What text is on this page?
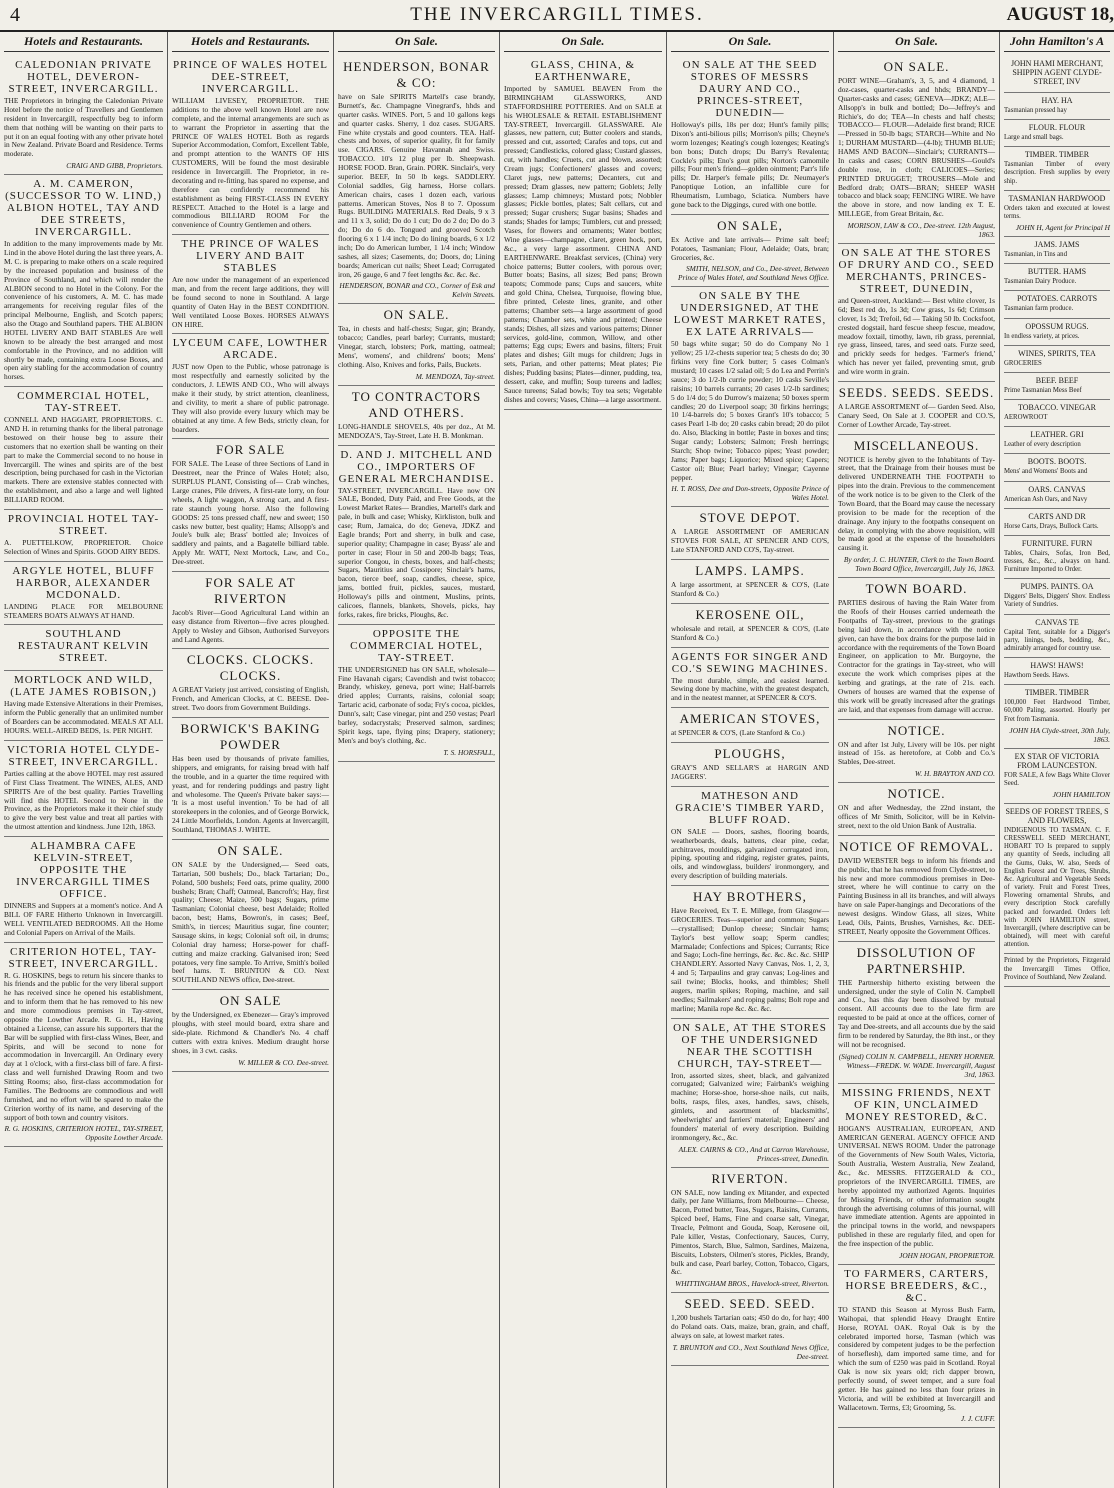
4	THE INVERCARGILL TIMES.	AUGUST 18,
Hotels and Restaurants.
CALEDONIAN PRIVATE HOTEL, DEVERON-STREET, INVERCARGILL.
THE Proprietors in bringing the Caledonian Private Hotel before the notice of Travellers and Gentlemen resident in Invercargill, respectfully beg to inform them that nothing will be wanting on their parts to put it on an equal footing with any other private hotel in New Zealand. Private Board and Residence. Terms moderate.
CRAIG AND GIBB, Proprietors.
A. M. CAMERON, (SUCCESSOR TO W. LIND,) ALBION HOTEL, TAY AND DEE STREETS, INVERCARGILL.
In addition to the many improvements made by Mr. Lind in the above Hotel during the last three years, A. M. C. is preparing to make others on a scale required by the increased population and business of the Province of Southland, and which will render the ALBION second to no Hotel in the Colony. For the convenience of his customers, A. M. C. has made arrangements for receiving regular files of the principal Melbourne, English, and Scotch papers; also the Otago and Southland papers. THE ALBION HOTEL LIVERY AND BAIT STABLES Are well known to be already the best arranged and most comfortable in the Province, and no addition will shortly be made, containing extra Loose Boxes, and open airy stabling for the accommodation of country horses.
COMMERCIAL HOTEL, TAY-STREET.
CONNELL AND HAGGART, PROPRIETORS. C. AND H. in returning thanks for the liberal patronage bestowed on their house beg to assure their customers that no exertion shall be wanting on their part to make the Commercial second to no house in Invercargill. The wines and spirits are of the best description, being purchased for cash in the Victorian markets. There are extensive stables connected with the establishment, and also a large and well lighted BILLIARD ROOM.
PROVINCIAL HOTEL TAY-STREET.
A. PUETTELKOW, PROPRIETOR. Choice Selection of Wines and Spirits. GOOD AIRY BEDS.
ARGYLE HOTEL, BLUFF HARBOR, ALEXANDER MCDONALD.
LANDING PLACE FOR MELBOURNE STEAMERS BOATS ALWAYS AT HAND.
SOUTHLAND RESTAURANT KELVIN STREET.
MORTLOCK AND WILD, (LATE JAMES ROBISON,)
Having made Extensive Alterations in their Premises, inform the Public generally that an unlimited number of Boarders can be accommodated. MEALS AT ALL HOURS. WELL-AIRED BEDS, 1s. PER NIGHT.
VICTORIA HOTEL CLYDE-STREET, INVERCARGILL.
Parties calling at the above HOTEL may rest assured of First Class Treatment. The WINES, ALES, AND SPIRITS Are of the best quality. Parties Travelling will find this HOTEL Second to None in the Province, as the Proprietors make it their chief study to give the very best value and treat all parties with the utmost attention and kindness. June 12th, 1863.
ALHAMBRA CAFE KELVIN-STREET, OPPOSITE THE INVERCARGILL TIMES OFFICE.
DINNERS and Suppers at a moment's notice. And A BILL OF FARE Hitherto Unknown in Invercargill. WELL VENTILATED BEDROOMS. All the Home and Colonial Papers on Arrival of the Mails.
CRITERION HOTEL, TAY-STREET, INVERCARGILL.
R. G. HOSKINS, begs to return his sincere thanks to his friends and the public for the very liberal support he has received since he opened his establishment, and to inform them that he has removed to his new and more commodious premises in Tay-street, opposite the Lowther Arcade. R. G. H., Having obtained a License, can assure his supporters that the Bar will be supplied with first-class Wines, Beer, and Spirits, and will be second to none for accommodation in Invercargill. An Ordinary every day at 1 o'clock, with a first-class bill of fare. A first-class and well furnished Drawing Room and two Sitting Rooms; also, first-class accommodation for Families. The Bedrooms are commodious and well furnished, and no effort will be spared to make the Criterion worthy of its name, and deserving of the support of both town and country visitors.
R. G. HOSKINS, CRITERION HOTEL, TAY-STREET, Opposite Lowther Arcade.
Hotels and Restaurants.
PRINCE OF WALES HOTEL DEE-STREET, INVERCARGILL.
WILLIAM LIVESEY, PROPRIETOR. THE additions to the above well known Hotel are now complete, and the internal arrangements are such as to warrant the Proprietor in asserting that the PRINCE OF WALES HOTEL Both as regards Superior Accommodation, Comfort, Excellent Table, and prompt attention to the WANTS OF HIS CUSTOMERS, Will be found the most desirable residence in Invercargill. The Proprietor, in re-decorating and re-fitting, has spared no expense, and therefore can confidently recommend his establishment as being FIRST-CLASS IN EVERY RESPECT. Attached to the Hotel is a large and commodious BILLIARD ROOM For the convenience of Country Gentlemen and others.
THE PRINCE OF WALES LIVERY AND BAIT STABLES
Are now under the management of an experienced man, and from the recent large additions, they will be found second to none in Southland. A large quantity of Oaten Hay in the BEST CONDITION. Well ventilated Loose Boxes. HORSES ALWAYS ON HIRE.
LYCEUM CAFE, LOWTHER ARCADE.
JUST now Open to the Public, whose patronage is most respectfully and earnestly solicited by the conductors, J. LEWIS AND CO., Who will always make it their study, by strict attention, cleanliness, and civility, to merit a share of public patronage. They will also provide every luxury which may be obtained at any time. A few Beds, strictly clean, for boarders.
FOR SALE
FOR SALE. The Lease of three Sections of Land in Deestreet, near the Prince of Wales Hotel; also, SURPLUS PLANT, Consisting of— Crab winches, Large cranes, Pile drivers, A first-rate lorry, on four wheels, A light waggon, A strong cart, and A first-rate staunch young horse. Also the following GOODS: 25 tons pressed chaff, new and sweet; 150 casks new butter, best quality; Hams; Allsopp's and Joule's bulk ale; Brass' bottled ale; Invoices of saddlery and paints, and a Bagatelle billiard table. Apply Mr. WATT, Next Mortock, Law, and Co., Dee-street.
FOR SALE AT RIVERTON
Jacob's River—Good Agricultural Land within an easy distance from Riverton—five acres ploughed. Apply to Wesley and Gibson, Authorised Surveyors and Land Agents.
CLOCKS. CLOCKS. CLOCKS.
A GREAT Variety just arrived, consisting of English, French, and American Clocks, at C. BEESE. Dee-street. Two doors from Government Buildings.
BORWICK'S BAKING POWDER
Has been used by thousands of private families, shippers, and emigrants, for raising bread with half the trouble, and in a quarter the time required with yeast, and for rendering puddings and pastry light and wholesome. The Queen's Private baker says:— 'It is a most useful invention.' To be had of all storekeepers in the colonies, and of George Borwick, 24 Little Moorfields, London. Agents at Invercargill, Southland, THOMAS J. WHITE.
ON SALE.
ON SALE by the Undersigned,— Seed oats, Tartarian, 500 bushels; Do., black Tartarian; Do., Poland, 500 bushels; Feed oats, prime quality, 2000 bushels; Bran; Chaff; Oatmeal, Bancroft's; Hay, first quality; Cheese; Maize, 500 bags; Sugars, prime Tasmanian; Colonial cheese, best Adelaide; Rolled bacon, best; Hams, Bowron's, in cases; Beef, Smith's, in tierces; Mauritius sugar, fine counter; Sausage skins, in kegs; Colonial soft oil, in drums; Colonial dray harness; Horse-power for chaff-cutting and maize cracking. Galvanised iron; Seed potatoes, very fine sample. To Arrive, Smith's boiled beef hams. T. BRUNTON & CO. Next SOUTHLAND NEWS office, Dee-street.
ON SALE
by the Undersigned, ex Ebenezer— Gray's improved ploughs, with steel mould board, extra share and side-plate. Richmond & Chandler's No. 4 chaff cutters with extra knives. Medium draught horse shoes, in 3 cwt. casks.
W. MILLER & CO. Dee-street.
On Sale.
HENDERSON, BONAR & CO:
have on Sale SPIRITS Martell's case brandy, Burnett's, &c. Champagne Vinegrard's, hhds and quarter casks. WINES. Port, 5 and 10 gallons kegs and quarter casks. Sherry, 1 doz cases. SUGARS. Fine white crystals and good counters. TEA. Half-chests and boxes, of superior quality, fit for family use. CIGARS. Genuine Havannah and Swiss. TOBACCO. 10's 12 plug per lb. Sheepwash. HORSE FOOD. Bran, Grain. PORK. Sinclair's, very superior. BEEF, In 50 lb kegs. SADDLERY. Colonial saddles, Gig harness, Horse collars. American chairs, cases 1 dozen each, various patterns. American Stoves, Nos 8 to 7. Opossum Rugs. BUILDING MATERIALS. Red Deals, 9 x 3 and 11 x 3, solid; Do do 1 cut; Do do 2 do; Do do 3 do; Do do 6 do. Tongued and grooved Scotch flooring 6 x 1 1/4 inch; Do do lining boards, 6 x 1/2 inch; Do do American lumber, 1 1/4 inch; Window sashes, all sizes; Casements, do; Doors, do; Lining boards; American cut nails; Sheet Lead; Corrugated iron, 26 gauge, 6 and 7 feet lengths &c. &c. &c.
HENDERSON, BONAR and CO., Corner of Esk and Kelvin Streets.
ON SALE.
Tea, in chests and half-chests; Sugar, gin; Brandy, tobacco; Candles, pearl barley; Currants, mustard; Vinegar, starch, lobsters; Pork, matting, oatmeal; Mens', womens', and childrens' boots; Mens' clothing. Also, Knives and forks, Pails, Buckets.
M. MENDOZA, Tay-street.
TO CONTRACTORS AND OTHERS.
LONG-HANDLE SHOVELS, 40s per doz., At M. MENDOZA'S, Tay-Street, Late H. B. Monkman.
D. AND J. MITCHELL AND CO., IMPORTERS OF GENERAL MERCHANDISE.
TAY-STREET, INVERCARGILL. Have now ON SALE, Bonded, Duty Paid, and Free Goods, at the Lowest Market Rates— Brandies, Martell's dark and pale, in bulk and case; Whisky, Kirkliston, bulk and case; Rum, Jamaica, do do; Geneva, JDKZ and Eagle brands; Port and sherry, in bulk and case, superior quality; Champagne in case; Byass' ale and porter in case; Flour in 50 and 200-lb bags; Teas, superior Congou, in chests, boxes, and half-chests; Sugars, Mauritius and Cossipore; Sinclair's hams, bacon, tierce beef, soap, candles, cheese, spice, jams, bottled fruit, pickles, sauces, mustard, Holloway's pills and ointment, Muslins, prints, calicoes, flannels, blankets, Shovels, picks, hay forks, rakes, fire bricks, Ploughs, &c.
OPPOSITE THE COMMERCIAL HOTEL, TAY-STREET.
THE UNDERSIGNED has ON SALE, wholesale— Fine Havanah cigars; Cavendish and twist tobacco; Brandy, whiskey, geneva, port wine; Half-barrels dried apples; Currants, raisins, colonial soap; Tartaric acid, carbonate of soda; Fry's cocoa, pickles, Dunn's, salt; Case vinegar, pint and 250 vestas; Pearl barley, sodacrystals; Preserved salmon, sardines; Spirit kegs, tape, flying pins; Drapery, stationery; Men's and boy's clothing, &c.
T. S. HORSFALL,
On Sale.
GLASS, CHINA, & EARTHENWARE,
Imported by SAMUEL BEAVEN From the BIRMINGHAM GLASSWORKS, AND STAFFORDSHIRE POTTERIES. And on SALE at his WHOLESALE & RETAIL ESTABLISHMENT TAY-STREET, Invercargill. GLASSWARE. Ale glasses, new pattern, cut; Butter coolers and stands, pressed and cut, assorted; Carafes and tops, cut and pressed; Candlesticks, colored glass; Custard glasses, cut, with handles; Cruets, cut and blown, assorted; Cream jugs; Confectioners' glasses and covers; Claret jugs, new patterns; Decanters, cut and pressed; Dram glasses, new pattern; Goblets; Jelly glasses; Lamp chimneys; Mustard pots; Nobbler glasses; Pickle bottles, plates; Salt cellars, cut and pressed; Sugar crushers; Sugar basins; Shades and stands; Shades for lamps; Tumblers, cut and pressed; Vases, for flowers and ornaments; Water bottles; Wine glasses—champagne, claret, green hock, port, &c., a very large assortment. CHINA AND EARTHENWARE. Breakfast services, (China) very choice patterns; Butter coolers, with porous over; Butter boats; Basins, all sizes; Bed pans; Brown teapots; Commode pans; Cups and saucers, white and gold China, Chelsea, Turquoise, flowing blue, fibre printed, Celeste lines, granite, and other patterns; Chamber sets—a large assortment of good patterns; Chamber sets, white and printed; Cheese stands; Dishes, all sizes and various patterns; Dinner services, gold-line, common, Willow, and other patterns; Egg cups; Ewers and basins, filters; Fruit plates and dishes; Gilt mugs for children; Jugs in sets, Parian, and other patterns; Meat plates; Pie dishes; Pudding basins; Plates—dinner, pudding, tea, dessert, cake, and muffin; Soup tureens and ladles; Sauce tureens; Salad bowls; Toy tea sets; Vegetable dishes and covers; Vases, China—a large assortment.
On Sale.
ON SALE AT THE SEED STORES OF MESSRS DAURY AND CO., PRINCES-STREET, DUNEDIN—
Holloway's pills, 18s per doz; Hunt's family pills; Dixon's anti-bilious pills; Morrison's pills; Cheyne's worm lozenges; Keating's cough lozenges; Keating's bon bons; Dutch drops; Du Barry's Revalenta; Cockle's pills; Eno's gout pills; Norton's camomile pills; Four men's friend—golden ointment; Parr's life pills; Dr. Harper's female pills; Dr. Neumayer's Panoptique Lotion, an infallible cure for Rheumatism, Lumbago, Sciatica. Numbers have gone back to the Diggings, cured with one bottle.
ON SALE,
Ex Active and late arrivals— Prime salt beef; Potatoes, Tasmanian; Flour, Adelaide; Oats, bran; Groceries, &c.
SMITH, NELSON, and Co., Dee-street, Between Prince of Wales Hotel, and Southland News Office.
ON SALE BY THE UNDERSIGNED, AT THE LOWEST MARKET RATES, EX LATE ARRIVALS—
50 bags white sugar; 50 do do Company No 1 yellow; 25 1/2-chests superior tea; 5 chests do do; 30 firkins very fine Cork butter; 5 cases Colman's mustard; 10 cases 1/2 salad oil; 5 do Lea and Perrin's sauce; 3 do 1/2-lb currie powder; 10 casks Seville's raisins; 10 barrels currants; 20 cases 1/2-lb sardines; 5 do 1/4 do; 5 do Durrow's maizena; 50 boxes sperm candles; 20 do Liverpool soap; 30 firkins herrings; 10 1/4-barrels do; 5 boxes Grant's 10's tobacco; 5 cases Pearl 1-lb do; 20 casks cabin bread; 20 do pilot do. Also, Blacking in bottle; Paste in boxes and tins; Sugar candy; Lobsters; Salmon; Fresh herrings; Starch; Shop twine; Tobacco pipes; Yeast powder; Jams; Paper bags; Liquorice; Mixed spice; Capers; Castor oil; Blue; Pearl barley; Vinegar; Cayenne pepper.
H. T. ROSS, Dee and Don-streets, Opposite Prince of Wales Hotel.
STOVE DEPOT.
A LARGE ASSORTMENT OF AMERICAN STOVES FOR SALE, AT SPENCER AND CO'S, Late STANFORD AND CO'S, Tay-street.
LAMPS. LAMPS.
A large assortment, at SPENCER & CO'S, (Late Stanford & Co.)
KEROSENE OIL,
wholesale and retail, at SPENCER & CO'S, (Late Stanford & Co.)
AGENTS FOR SINGER AND CO.'S SEWING MACHINES.
The most durable, simple, and easiest learned. Sewing done by machine, with the greatest despatch, and in the neatest manner, at SPENCER & CO'S.
AMERICAN STOVES,
at SPENCER & CO'S, (Late Stanford & Co.)
PLOUGHS,
GRAY'S AND SELLAR'S at HARGIN AND JAGGERS'.
MATHESON AND GRACIE'S TIMBER YARD, BLUFF ROAD.
ON SALE — Doors, sashes, flooring boards, weatherboards, deals, battens, clear pine, cedar, architraves, mouldings, galvanized corrugated iron, piping, spouting and ridging, register grates, paints, oils, and windowglass, builders' ironmongery, and every description of building materials.
HAY BROTHERS,
Have Received, Ex T. E. Millege, from Glasgow— GROCERIES. Teas—superior and common; Sugars—crystallised; Dunlop cheese; Sinclair hams; Taylor's best yellow soap; Sperm candles; Marmalade; Confections and Spices; Currants; Rice and Sago; Loch-fine herrings, &c. &c. &c. &c. SHIP CHANDLERY. Assorted Navy Canvas, Nos. 1, 2, 3, 4 and 5; Tarpaulins and gray canvas; Log-lines and sail twine; Blocks, hooks, and thimbles; Shell augers, marlin spikes; Roping, machine, and sail needles; Sailmakers' and roping palms; Bolt rope and marline; Manila rope &c. &c. &c.
ON SALE, AT THE STORES OF THE UNDERSIGNED NEAR THE SCOTTISH CHURCH, TAY-STREET—
Iron, assorted sizes, sheet, black, and galvanized corrugated; Galvanized wire; Fairbank's weighing machine; Horse-shoe, horse-shoe nails, cut nails, bolts, rasps, files, axes, handles, saws, chisels, gimlets, and assortment of blacksmiths', wheelwrights' and farriers' material; Engineers' and founders' material of every description. Building ironmongery, &c., &c.
ALEX. CAIRNS & CO., And at Carron Warehouse, Princes-street, Dunedin.
RIVERTON.
ON SALE, now landing ex Mitander, and expected daily, per Jane Williams, from Melbourne— Cheese, Bacon, Potted butter, Teas, Sugars, Raisins, Currants, Spiced beef, Hams, Fine and coarse salt, Vinegar, Treacle, Pelmont and Gouda, Soap, Kerosene oil, Pale killer, Vestas, Confectionary, Sauces, Curry, Pimentos, Starch, Blue, Salmon, Sardines, Maizena, Biscuits, Lobsters, Oilmen's stores, Pickles, Brandy, bulk and case, Pearl barley, Cotton, Tobacco, Cigars, &c.
WHITTINGHAM BROS., Havelock-street, Riverton.
SEED. SEED. SEED.
1,200 bushels Tartarian oats; 450 do do, for hay; 400 do Poland oats. Oats, maize, bran, grain, and chaff, always on sale, at lowest market rates.
T. BRUNTON and CO., Next Southland News Office, Dee-street.
On Sale.
ON SALE.
PORT WINE—Graham's, 3, 5, and 4 diamond, 1 doz-cases, quarter-casks and hhds; BRANDY—Quarter-casks and cases; GENEVA—JDKZ; ALE—Allsopp's in bulk and bottled; Do—Jeffrey's and Richie's, do do; TEA—In chests and half chests; TOBACCO— FLOUR—Adelaide first brand; RICE—Pressed in 50-lb bags; STARCH—White and No 1; DURHAM MUSTARD—(4-lb); THUMB BLUE; HAMS AND BACON—Sinclair's; CURRANTS—In casks and cases; CORN BRUSHES—Gould's double rose, in cloth; CALICOES—Series; PRINTED DRUGGET; TROUSERS—Mole and Bedford drab; OATS—BRAN; SHEEP WASH tobacco and black soap; FENCING WIRE. We have the above in store, and now landing ex T. E. MILLEGE, from Great Britain, &c.
MORISON, LAW & CO., Dee-street. 12th August, 1863.
ON SALE AT THE STORES OF DRURY AND CO., SEED MERCHANTS, PRINCES-STREET, DUNEDIN,
and Queen-street, Auckland:— Best white clover, 1s 6d; Best red do, 1s 3d; Cow grass, 1s 6d; Crimson clover, 1s 3d; Trefoil, 6d — Taking 50 lb. Cocksfoot, crested dogstail, hard fescue sheep fescue, meadow, meadow foxtail, timothy, lawn, rib grass, perennial, rye grass, linseed, tares, and seed oats. Furze seed, and prickly seeds for hedges. 'Farmer's friend,' which has never yet failed, preventing smut, grub and wire worm in grain.
SEEDS. SEEDS. SEEDS.
A LARGE ASSORTMENT of— Garden Seed. Also, Canary Seed, On Sale at J. COOPER and CO.'S, Corner of Lowther Arcade, Tay-street.
MISCELLANEOUS.
NOTICE is hereby given to the Inhabitants of Tay-street, that the Drainage from their houses must be delivered UNDERNEATH THE FOOTPATH to pipes into the drain. Previous to the commencement of the work notice is to be given to the Clerk of the Town Board, that the Board may cause the necessary provision to be made for the reception of the drainage. Any injury to the footpaths consequent on delay, in complying with the above requisition, will be made good at the expense of the householders causing it.
By order, J. C. HUNTER, Clerk to the Town Board. Town Board Office, Invercargill, July 16, 1863.
TOWN BOARD.
PARTIES desirous of having the Rain Water from the Roofs of their Houses carried underneath the Footpaths of Tay-street, previous to the gratings being laid down, in accordance with the notice given, can have the box drains for the purpose laid in accordance with the requirements of the Town Board Engineer, on application to Mr. Burgoyne, the Contractor for the gratings in Tay-street, who will execute the work which comprises pipes at the kerbing and gratings, at the rate of 21s. each. Owners of houses are warned that the expense of this work will be greatly increased after the gratings are laid, and that expenses from damage will accrue.
NOTICE.
ON and after 1st July, Livery will be 10s. per night instead of 15s. as heretofore, at Cobb and Co.'s Stables, Dee-street.
W. H. BRAYTON AND CO.
NOTICE.
ON and after Wednesday, the 22nd instant, the offices of Mr Smith, Solicitor, will be in Kelvin-street, next to the old Union Bank of Australia.
NOTICE OF REMOVAL.
DAVID WEBSTER begs to inform his friends and the public, that he has removed from Clyde-street, to his new and more commodious premises in Dee-street, where he will continue to carry on the Painting Business in all its branches, and will always have on sale Paper-hangings and Decorations of the newest designs. Window Glass, all sizes, White Lead, Oils, Paints, Brushes, Varnishes, &c. DEE-STREET, Nearly opposite the Government Offices.
DISSOLUTION OF PARTNERSHIP.
THE Partnership hitherto existing between the undersigned, under the style of Colin N. Campbell and Co., has this day been dissolved by mutual consent. All accounts due to the late firm are requested to be paid at once at the offices, corner of Tay and Dee-streets, and all accounts due by the said firm to be rendered by Saturday, the 8th inst., or they will not be recognised.
(Signed) COLIN N. CAMPBELL, HENRY HORNER. Witness—FREDK. W. WADE. Invercargill, August 3rd, 1863.
MISSING FRIENDS, NEXT OF KIN, UNCLAIMED MONEY RESTORED, &C.
HOGAN'S AUSTRALIAN, EUROPEAN, AND AMERICAN GENERAL AGENCY OFFICE AND UNIVERSAL NEWS ROOM. Under the patronage of the Governments of New South Wales, Victoria, South Australia, Western Australia, New Zealand, &c., &c. MESSRS. FITZGERALD & CO., proprietors of the INVERCARGILL TIMES, are hereby appointed my authorized Agents. Inquiries for Missing Friends, or other information sought through the advertising columns of this journal, will have immediate attention. Agents are appointed in the principal towns in the world, and newspapers published in these are regularly filed, and open for the free inspection of the public.
JOHN HOGAN, PROPRIETOR.
TO FARMERS, CARTERS, HORSE BREEDERS, &C., &C.
TO STAND this Season at Myross Bush Farm, Waihopai, that splendid Heavy Draught Entire Horse, ROYAL OAK. Royal Oak is by the celebrated imported horse, Tasman (which was considered by competent judges to be the perfection of horseflesh), dam imported same time, and for which the sum of £250 was paid in Scotland. Royal Oak is now six years old; rich dapper brown, perfectly sound, of sweet temper, and a sure foal getter. He has gained no less than four prizes in Victoria, and will be exhibited at Invercargill and Wallacetown. Terms, £3; Grooming, 5s.
J. J. CUFF.
John Hamilton's A
JOHN HAMI MERCHANT, SHIPPIN AGENT CLYDE-STREET, INV
HAY. HA
Tasmanian pressed hay
FLOUR. FLOUR
Large and small bags.
TIMBER. TIMBER
Tasmanian Timber of every description. Fresh supplies by every ship.
TASMANIAN HARDWOOD
Orders taken and executed at lowest terms.
JOHN H, Agent for Principal H
JAMS. JAMS
Tasmanian, in Tins and
BUTTER. HAMS
Tasmanian Dairy Produce.
POTATOES. CARROTS
Tasmanian farm produce.
OPOSSUM RUGS.
In endless variety, at prices.
WINES, SPIRITS, TEA
GROCERIES
BEEF. BEEF
Prime Tasmanian Mess Beef
TOBACCO. VINEGAR
AEROWROOT
LEATHER. GRI
Leather of every description
BOOTS. BOOTS.
Mens' and Womens' Boots and
OARS. CANVAS
American Ash Oars, and Navy
CARTS AND DR
Horse Carts, Drays, Bullock Carts.
FURNITURE. FURN
Tables, Chairs, Sofas, Iron Bed, tresses, &c., &c., always on hand. Furniture Imported to Order.
PUMPS. PAINTS. OA
Diggers' Belts, Diggers' Shov. Endless Variety of Sundries.
CANVAS TE
Capital Tent, suitable for a Digger's party, linings, beds, bedding, &c., admirably arranged for country use.
HAWS! HAWS!
Hawthorn Seeds. Haws.
TIMBER. TIMBER
100,000 Feet Hardwood Timber, 60,000 Paling, assorted. Hourly per Fret from Tasmania.
JOHN HA Clyde-street, 30th July, 1863.
EX STAR OF VICTORIA FROM LAUNCESTON.
FOR SALE, A few Bags White Clover Seed.
JOHN HAMILTON
SEEDS OF FOREST TREES, S AND FLOWERS,
INDIGENOUS TO TASMAN. C. F. CRESSWELL SEED MERCHANT, HOBART TO Is prepared to supply any quantity of Seeds, including all the Gums, Oaks, W. also, Seeds of English Forest and Or Trees, Shrubs, &c. Agricultural and Vegetable Seeds of variety. Fruit and Forest Trees, Flowering ornamental Shrubs, and every description Stock carefully packed and forwarded. Orders left with JOHN HAMILTON street, Invercargill, (where descriptive can be obtained), will meet with careful attention.
Printed by the Proprietors, Fitzgerald the Invercargill Times Office, Province of Southland, New Zealand.
